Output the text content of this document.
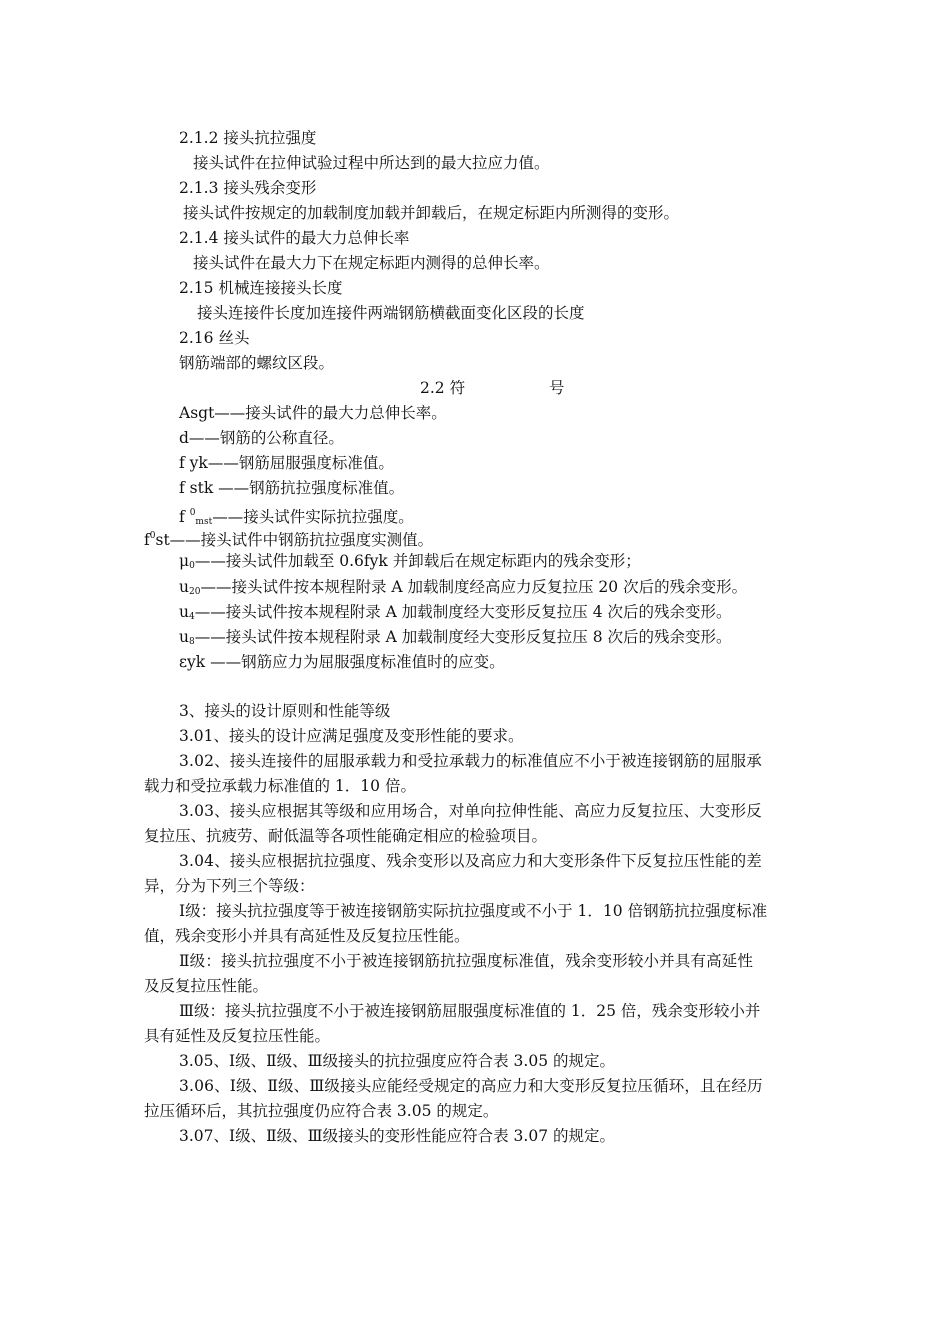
2.1.2 接头抗拉强度
接头试件在拉伸试验过程中所达到的最大拉应力值。
2.1.3 接头残余变形
接头试件按规定的加载制度加载并卸载后，在规定标距内所测得的变形。
2.1.4 接头试件的最大力总伸长率
接头试件在最大力下在规定标距内测得的总伸长率。
2.15 机械连接接头长度
接头连接件长度加连接件两端钢筋横截面变化区段的长度
2.16 丝头
钢筋端部的螺纹区段。
2.2 符	号
Asgt——接头试件的最大力总伸长率。
d——钢筋的公称直径。
f yk——钢筋屈服强度标准值。
f stk ——钢筋抗拉强度标准值。
f $^0_{mst}$——接头试件实际抗拉强度。
$f^0st——$接头试件中钢筋抗拉强度实测值。
$\mu_0——$接头试件加载至 0.6fyk 并卸载后在规定标距内的残余变形；
$u_{20}——$接头试件按本规程附录 A 加载制度经高应力反复拉压 20 次后的残余变形。
$u_4——$接头试件按本规程附录 A 加载制度经大变形反复拉压 4 次后的残余变形。
$u_8——$接头试件按本规程附录 A 加载制度经大变形反复拉压 8 次后的残余变形。
εyk ——钢筋应力为屈服强度标准值时的应变。
3、接头的设计原则和性能等级
3.01、接头的设计应满足强度及变形性能的要求。
3.02、接头连接件的屈服承载力和受拉承载力的标准值应不小于被连接钢筋的屈服承
载力和受拉承载力标准值的 1．10 倍。
3.03、接头应根据其等级和应用场合，对单向拉伸性能、高应力反复拉压、大变形反
复拉压、抗疲劳、耐低温等各项性能确定相应的检验项目。
3.04、接头应根据抗拉强度、残余变形以及高应力和大变形条件下反复拉压性能的差
异，分为下列三个等级：
Ⅰ级：接头抗拉强度等于被连接钢筋实际抗拉强度或不小于 1．10 倍钢筋抗拉强度标准
值，残余变形小并具有高延性及反复拉压性能。
Ⅱ级：接头抗拉强度不小于被连接钢筋抗拉强度标准值，残余变形较小并具有高延性
及反复拉压性能。
Ⅲ级：接头抗拉强度不小于被连接钢筋屈服强度标准值的 1．25 倍，残余变形较小并
具有延性及反复拉压性能。
3.05、Ⅰ级、Ⅱ级、Ⅲ级接头的抗拉强度应符合表 3.05 的规定。
3.06、Ⅰ级、Ⅱ级、Ⅲ级接头应能经受规定的高应力和大变形反复拉压循环，且在经历
拉压循环后，其抗拉强度仍应符合表 3.05 的规定。
3.07、Ⅰ级、Ⅱ级、Ⅲ级接头的变形性能应符合表 3.07 的规定。
